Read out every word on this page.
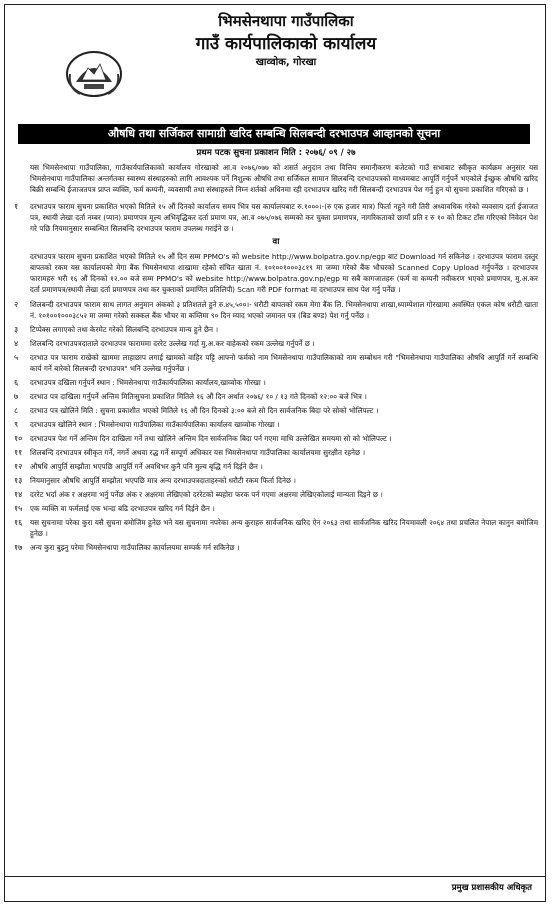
भिमसेनथापा गाउँपालिका
गाउँ कार्यपालिकाको कार्यालय
खाव्वोक, गोरखा
औषधि तथा सर्जिकल सामाग्री खरिद सम्बन्धि सिलबन्दी दरभाउपत्र आव्हानको सूचना
प्रथम पटक सुचना प्रकाशन मिति : २०७६/ ०९ / २७
यस भिमसेनथापा गाउँपालिका, गाउँकार्यपालिकाको कार्यालय गोरखाको आ.व २०७६/०७७ को शसर्त अनुदान तथा वित्तिय समानीकरण बजेटको गाउँ सभाबाट स्वीकृत कार्यक्रम अनुसार यस भिमसेनथापा गाउँपालिका अन्तर्गतका स्वास्थ्य संस्थाहरुको लागि आवश्यक पर्ने निशुल्क औषधि तथा सर्जिकल सामान सिलबन्दि दरभाउपत्रको माध्यमबाट आपूर्ति गर्नुपर्ने भएकोले ईच्छुक औषधि खरिद बिक्री सम्बन्धि ईजाजतपत्र प्राप्त व्यक्ति, फर्म कम्पनी, व्यवसायी तथा संस्थाहरुले निम्न शर्तको अधिनमा रही दरभाउपत्र खरिद गरी सिलबन्दी दरभाउपत्र पेश गर्नु हुन यो सुचना प्रकाशित गरिएको छ ।
१	दरभाउपत्र फाराम सुचना प्रकाशित भएको मितिले १५ औं दिनको कार्यालय समय भित्र यस कार्यालयबाट रु.१०००।-(रु एक हजार मात्र) फिर्ता नहुने गरी तिरी अध्यावधिक गरेको व्यवसाय दर्ता ईजाजत पत्र, स्थायी लेखा दर्ता नम्बर (प्यान) प्रमाणपत्र मूल्य अभिवृद्धिकर दर्ता प्रमाण पत्र, आ.व ०७५/०७६ सम्मको कर चुक्ता प्रमाणपत्र, नागरिकताको छायाँ प्रति र रु १० को टिकट टाँस गरिएको निवेदन पेश गरे पछि नियमानुसार सम्बन्धित सिलबन्दि दरभाउपत्र फाराम उपलब्ध गराईने छ ।
वा
दरभाउपत्र फाराम सुचना प्रकाशित भएको मितिले १५ औं दिन सम्म PPMO's को website http://www.bolpatra.gov.np/egp बाट Download गर्न सकिनेछ । दरभाउपत्र फाराम दस्तुर बापतको रकम यस कार्यालयको मेगा बैंक भिमसेनथापा शाखामा रहेको संचित खाता नं. १०१००१०००३८१९ मा जम्मा गरेको बैंक भौचरको Scanned Copy Upload गर्नुपर्नेछ । दरभाउपत्र फारामहरु भरी १६ औं दिनको १२.०० बजे सम्म PPMO's को website http://www.bolpatra.gov.np/egp मा सबै कागजातहरु (फर्म वा कम्पनी नवीकरण भएको प्रमाणपत्र, मु.अ.कर दर्ता प्रमाणपत्र/स्थायी लेखा दर्ता प्रमाणपत्र तथा कर चुक्ताको प्रमाणित प्रतिलिपी) Scan गरी PDF format मा दरभाउपत्र साथ पेश गर्नु पर्नेछ ।
२	शिलबन्दी दरभाउपत्र फाराम साथ लागत अनुमान अंकको ३ प्रतिशतले हुने रु.४५,५००।- धरौटी बापतको रकम मेगा बैंक लि. भिमसेनथापा शाखा,ध्याम्पेशाल गोरखामा अवस्थित एकल कोष धरौटी खाता नं. १०१००१०००३८५२ मा जम्मा गरेको सक्कल बैंक भौचर वा कम्तिमा ९० दिन म्याद भएको जमानत पत्र (बिड बण्ड) पेश गर्नु पर्नेछ ।
३	टिप्पेक्स लगाएको तथा केरमेट गरेको सिलबन्दि दरभाउपत्र मान्य हुने छैन ।
४	शिलबन्दि दरभाउपत्रदाताले दरभाउपत्र फाराममा दररेट उल्लेख गर्दा मु.अ.कर वाहेकको रकम उल्लेख गर्नुपर्ने छ ।
५	दरभाउ पत्र फाराम राखेको खाममा लाहाछाप लगाई खामको वाहिर पट्टि आफ्नो फर्मको नाम भिमसेनथापा गाउँपालिकाको नाम सम्बोधन गरी "भिमसेनथापा गाउँपालिका औषधि आपुर्ति गर्ने सम्बन्धि कार्य गर्ने बारेको सिलबन्दी दरभाउपत्र" भनि उल्लेख गर्नुपर्नेछ ।
६	दरभाउपत्र दखिला गर्नुपर्ने स्थान : भिमसेनथापा गाउँकार्यपालिका कार्यालय,खाव्वोक गोरखा ।
७	दरभाउ पत्र दाखिला गर्नुपर्ने अन्तिम मितिःसुचना प्रकाशित मितिले १६ औं दिन अर्थात २०७६/ १० / १३ गते दिनको १२:०० बजे भित्र ।
८	दरभाउ पत्र खोलिने मिति : सुचना प्रकाशीत भएको मितिले १६ औं दिन दिनको ३:०० बजे सो दिन सार्वजनिक बिदा परे सोको भोलिपल्ट ।
९	दरभाउपत्र खोलिने स्थान : भिमसेनथापा गाउँपालिका गाउँकार्यपालिका कार्यालय खाव्वोक गोरखा ।
१०	दरभाउपत्र पेश गर्ने अन्तिम दिन दाखिला गर्ने तथा खोलिने अन्तिम दिन सार्वजनिक बिदा पर्न गएमा माथि उल्लेखित समयमा सो को भोलिपल्ट ।
११	शिलबन्दि दरभाउपत्र स्वीकृत गर्ने, नगर्ने अथवा रद्ध गर्ने सम्पूर्ण अधिकार यस भिमसेनथापा गाउँपालिका कार्यालयमा सुरक्षीत रहनेछ ।
१२	औषधि आपुर्ति सम्झौता भएपछि आपुर्ति गर्ने अवधिभर कुनै पनि मुल्य बृद्धि गर्न दिईने छैन ।
१३	नियमानुसार औषधि आपुर्ति सम्झौता भएपछि मात्र अन्य दरभाउपत्रदाताहरुको धरौटी रकम फिर्ता दिनेछ ।
१४	दररेट भर्दा अंक र अक्षरमा भर्नु पर्नेछ अंक र अक्षरमा लेखिएको दररेटको ब्यहोरा फरक पर्न गएमा अक्षरमा लेखिएकोलाई मान्यता दिइने छ ।
१५	एक व्यक्ति वा फर्मलाई एक भन्दा बढि दरभाउपत्र खरिद गर्न दिईने छैन ।
१६	यस सुचनामा परेका कुरा यसै सुचना बमोजिम हुनेछ भने यस सुचनामा नपरेका अन्य कुराहरु सार्वजनिक खरिद ऐन २०६३ तथा सार्वजनिक खरिद नियमावली २०६४ तथा प्रचलित नेपाल कानुन बमोजिम हुनेछ ।
१७	अन्य कुरा बुझ्नु परेमा भिमसेनथापा गाउँपालिका कार्यालयमा सम्पर्क गर्न सकिनेछ ।
प्रमुख प्रशासकीय अधिकृत
